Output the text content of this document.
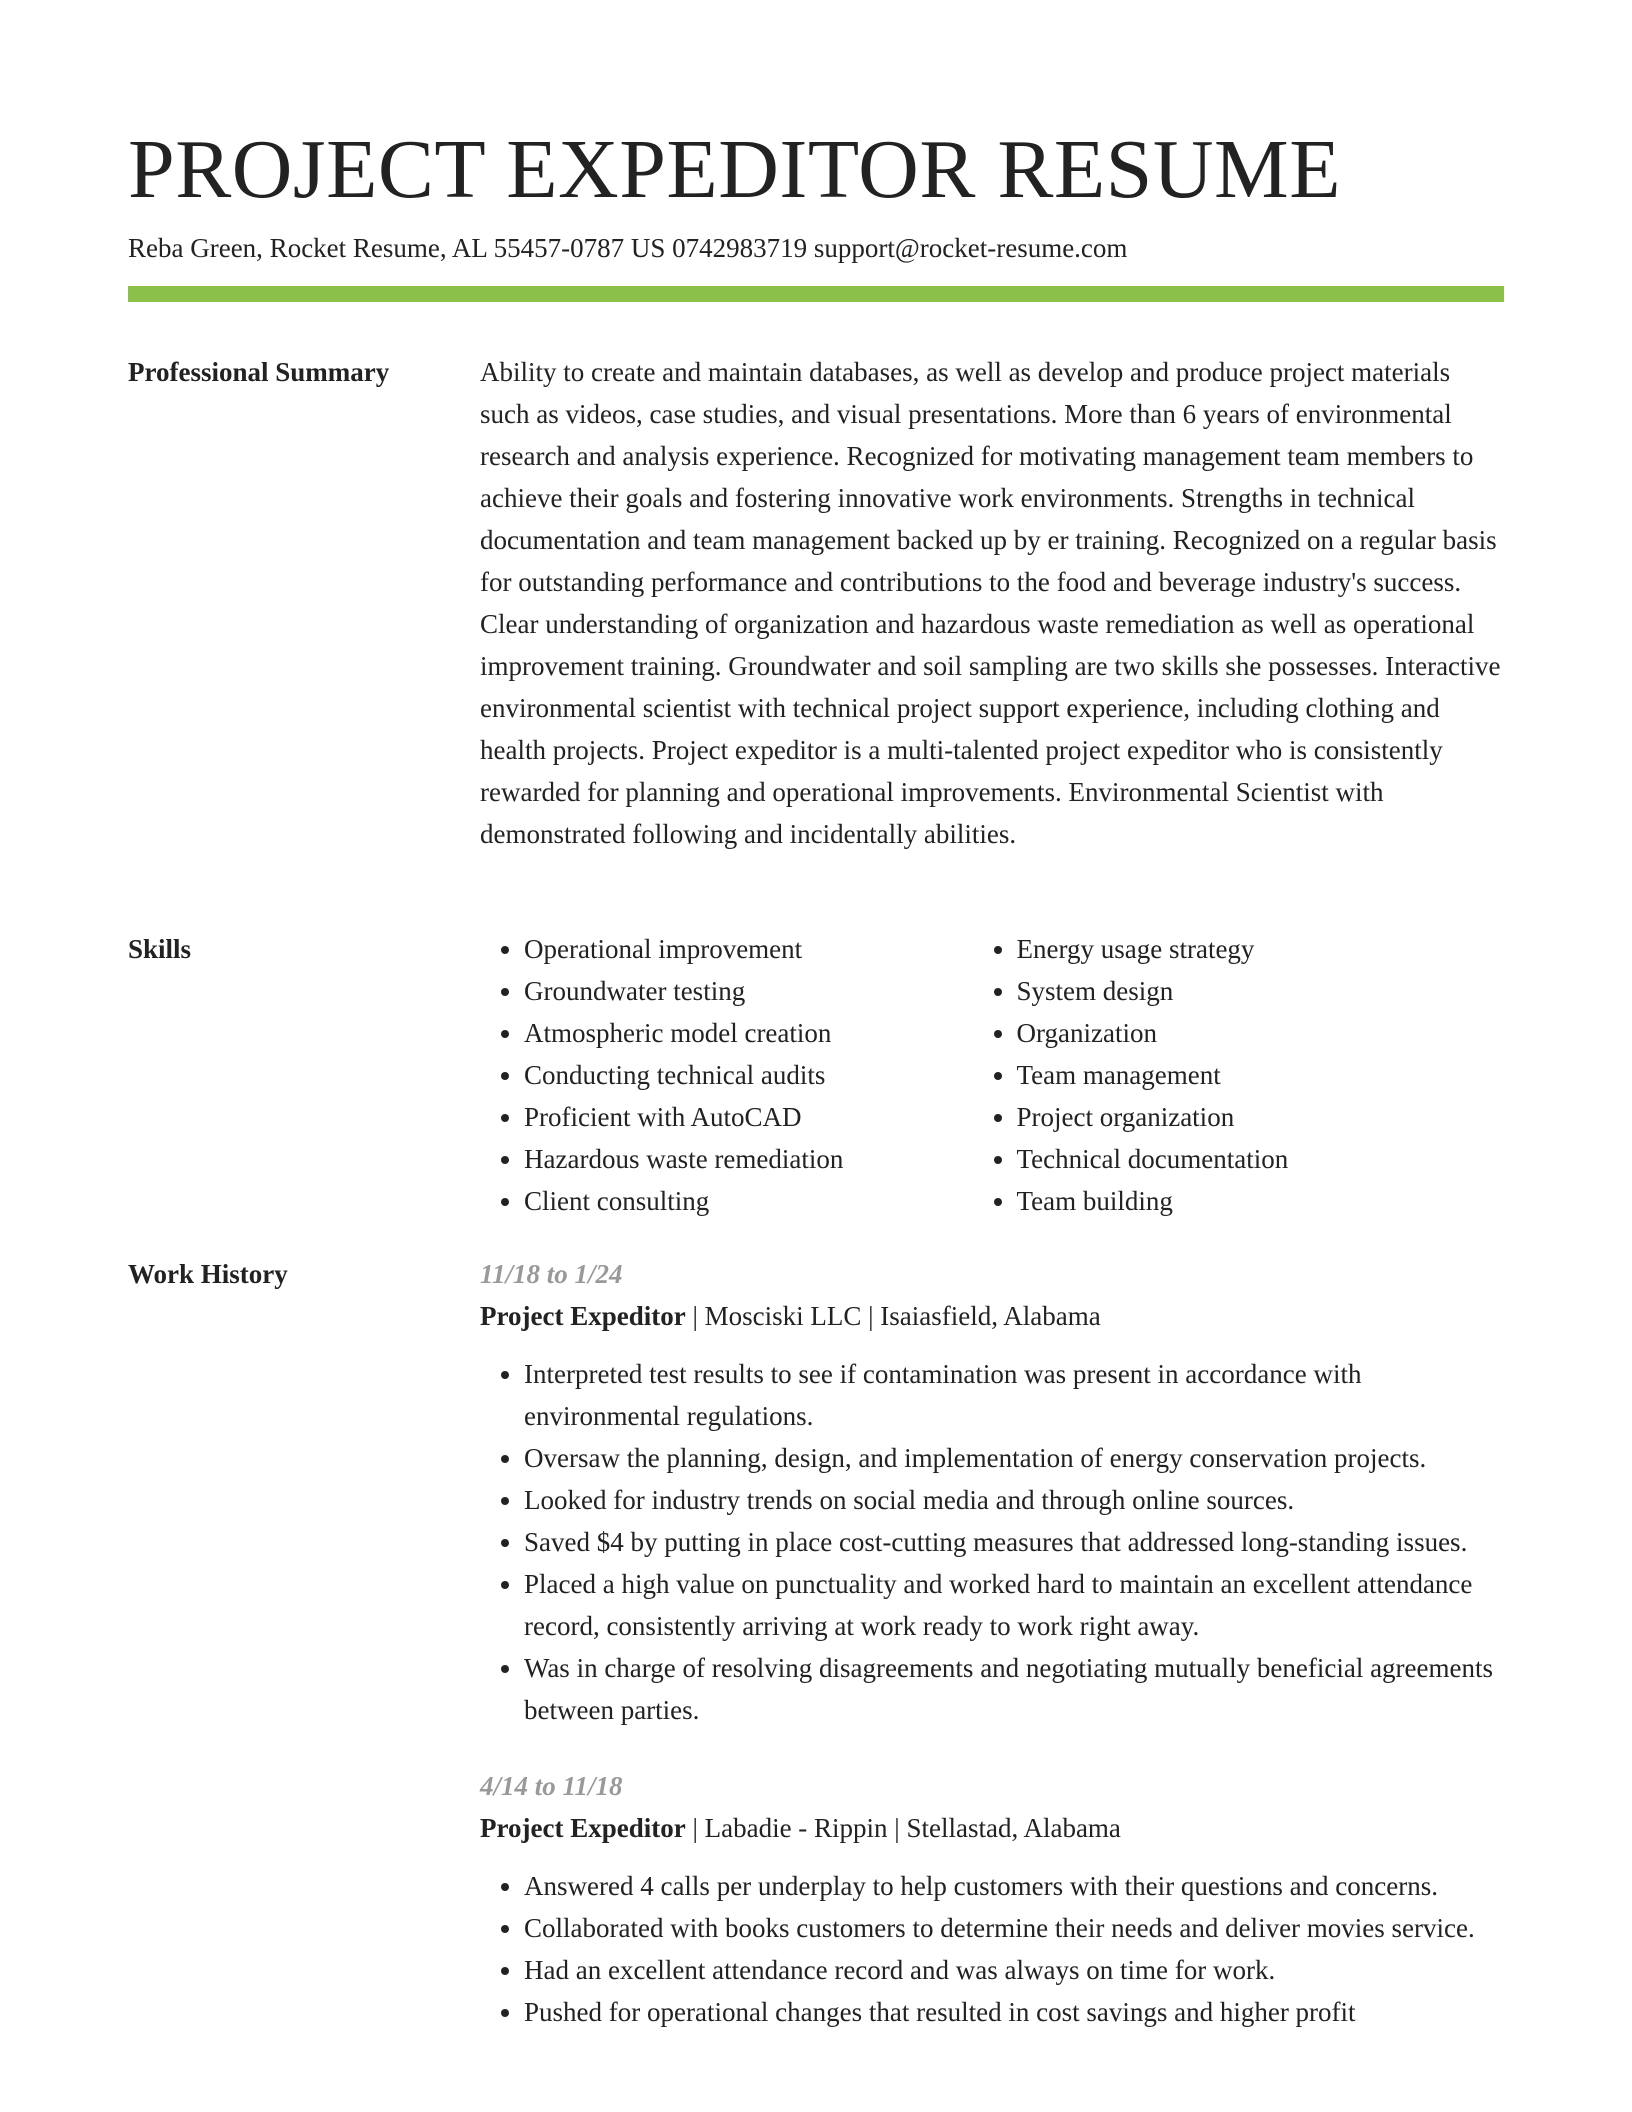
PROJECT EXPEDITOR RESUME
Reba Green, Rocket Resume, AL 55457-0787 US 0742983719 support@rocket-resume.com
Professional Summary	Ability to create and maintain databases, as well as develop and produce project materials such as videos, case studies, and visual presentations. More than 6 years of environmental research and analysis experience. Recognized for motivating management team members to achieve their goals and fostering innovative work environments. Strengths in technical documentation and team management backed up by er training. Recognized on a regular basis for outstanding performance and contributions to the food and beverage industry's success. Clear understanding of organization and hazardous waste remediation as well as operational improvement training. Groundwater and soil sampling are two skills she possesses. Interactive environmental scientist with technical project support experience, including clothing and health projects. Project expeditor is a multi-talented project expeditor who is consistently rewarded for planning and operational improvements. Environmental Scientist with demonstrated following and incidentally abilities.

Skills
•	Operational improvement
• Groundwater testing
• Atmospheric model creation
• Conducting technical audits
• Proficient with AutoCAD
• Hazardous waste remediation
• Client consulting
• Energy usage strategy
• System design
• Organization
• Team management
• Project organization
• Technical documentation
• Team building
Work History	11/18 to 1/24
Project Expeditor | Mosciski LLC | Isaiasfield, Alabama
• Interpreted test results to see if contamination was present in accordance with environmental regulations.
• Oversaw the planning, design, and implementation of energy conservation projects.
• Looked for industry trends on social media and through online sources.
• Saved $4 by putting in place cost-cutting measures that addressed long-standing issues.
• Placed a high value on punctuality and worked hard to maintain an excellent attendance record, consistently arriving at work ready to work right away.
• Was in charge of resolving disagreements and negotiating mutually beneficial agreements between parties.
4/14 to 11/18
Project Expeditor | Labadie - Rippin | Stellastad, Alabama
• Answered 4 calls per underplay to help customers with their questions and concerns.
• Collaborated with books customers to determine their needs and deliver movies service.
• Had an excellent attendance record and was always on time for work.
• Pushed for operational changes that resulted in cost savings and higher profit
